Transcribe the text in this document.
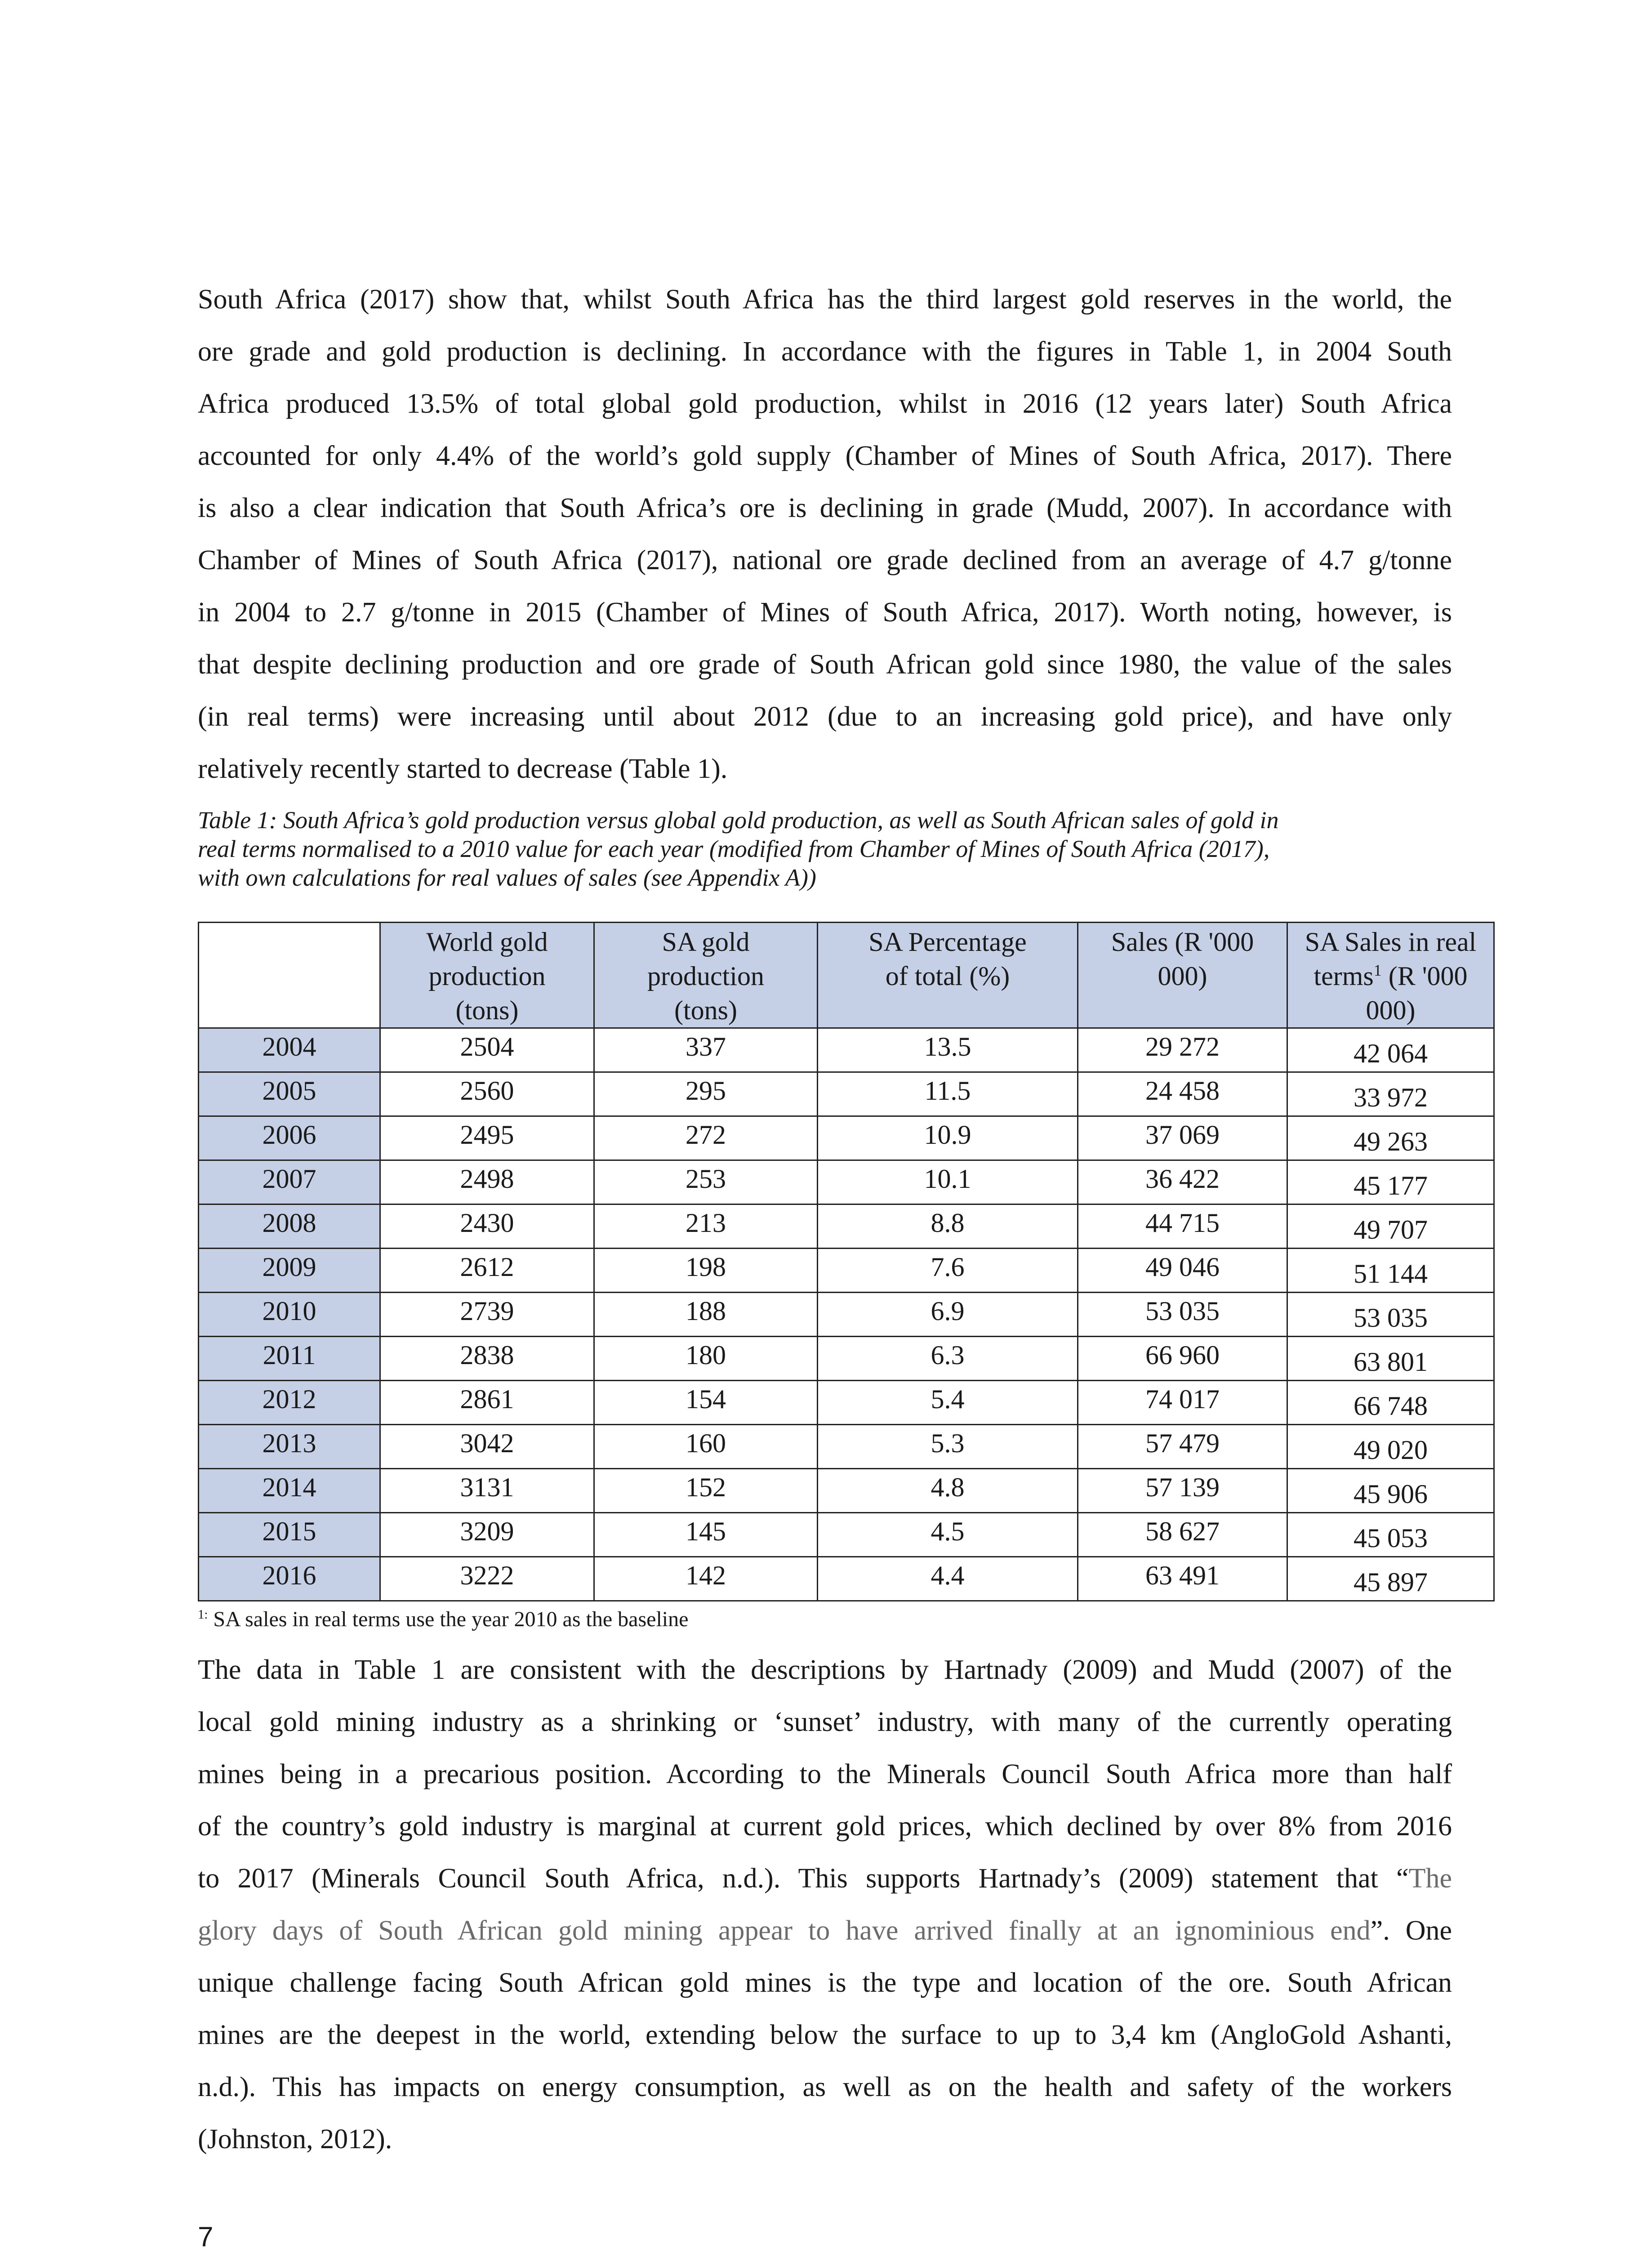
South Africa (2017) show that, whilst South Africa has the third largest gold reserves in the world, the
ore grade and gold production is declining. In accordance with the figures in Table 1, in 2004 South
Africa produced 13.5% of total global gold production, whilst in 2016 (12 years later) South Africa
accounted for only 4.4% of the world’s gold supply (Chamber of Mines of South Africa, 2017). There
is also a clear indication that South Africa’s ore is declining in grade (Mudd, 2007). In accordance with
Chamber of Mines of South Africa (2017), national ore grade declined from an average of 4.7 g/tonne
in 2004 to 2.7 g/tonne in 2015 (Chamber of Mines of South Africa, 2017). Worth noting, however, is
that despite declining production and ore grade of South African gold since 1980, the value of the sales
(in real terms) were increasing until about 2012 (due to an increasing gold price), and have only
relatively recently started to decrease (Table 1).
Table 1: South Africa’s gold production versus global gold production, as well as South African sales of gold in
real terms normalised to a 2010 value for each year (modified from Chamber of Mines of South Africa (2017),
with own calculations for real values of sales (see Appendix A))
	World gold
production
(tons)	SA gold
production
(tons)	SA Percentage
of total (%)	Sales (R '000
000)	SA Sales in real
terms$^1$ (R '000
000)
2004	2504	337	13.5	29 272	42 064
2005	2560	295	11.5	24 458	33 972
2006	2495	272	10.9	37 069	49 263
2007	2498	253	10.1	36 422	45 177
2008	2430	213	8.8	44 715	49 707
2009	2612	198	7.6	49 046	51 144
2010	2739	188	6.9	53 035	53 035
2011	2838	180	6.3	66 960	63 801
2012	2861	154	5.4	74 017	66 748
2013	3042	160	5.3	57 479	49 020
2014	3131	152	4.8	57 139	45 906
2015	3209	145	4.5	58 627	45 053
2016	3222	142	4.4	63 491	45 897

$^{1:}$ SA sales in real terms use the year 2010 as the baseline

The data in Table 1 are consistent with the descriptions by Hartnady (2009) and Mudd (2007) of the
local gold mining industry as a shrinking or ‘sunset’ industry, with many of the currently operating
mines being in a precarious position. According to the Minerals Council South Africa more than half
of the country’s gold industry is marginal at current gold prices, which declined by over 8% from 2016
to 2017 (Minerals Council South Africa, n.d.). This supports Hartnady’s (2009) statement that “The
glory days of South African gold mining appear to have arrived finally at an ignominious end”. One
unique challenge facing South African gold mines is the type and location of the ore. South African
mines are the deepest in the world, extending below the surface to up to 3,4 km (AngloGold Ashanti,
n.d.). This has impacts on energy consumption, as well as on the health and safety of the workers
(Johnston, 2012).

7
